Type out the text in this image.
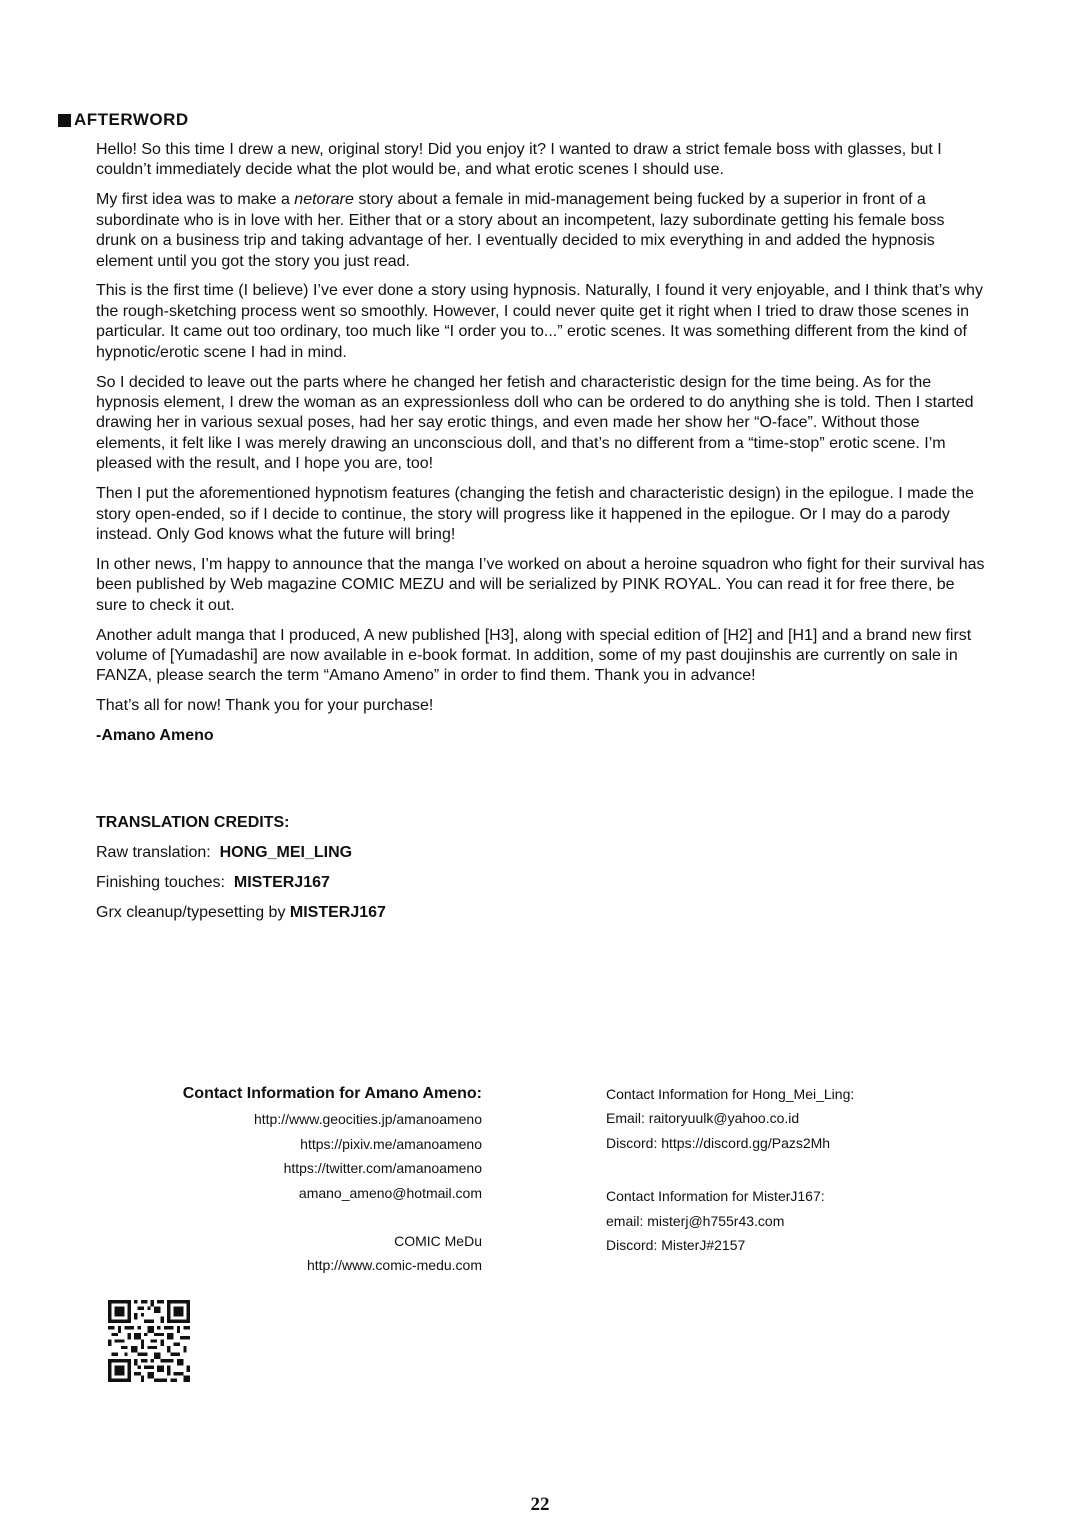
AFTERWORD

Hello! So this time I drew a new, original story! Did you enjoy it? I wanted to draw a strict female boss with glasses, but I couldn’t immediately decide what the plot would be, and what erotic scenes I should use.

My first idea was to make a netorare story about a female in mid-management being fucked by a superior in front of a subordinate who is in love with her. Either that or a story about an incompetent, lazy subordinate getting his female boss drunk on a business trip and taking advantage of her. I eventually decided to mix everything in and added the hypnosis element until you got the story you just read.

This is the first time (I believe) I’ve ever done a story using hypnosis. Naturally, I found it very enjoyable, and I think that’s why the rough-sketching process went so smoothly. However, I could never quite get it right when I tried to draw those scenes in particular. It came out too ordinary, too much like “I order you to...” erotic scenes. It was something different from the kind of hypnotic/erotic scene I had in mind.

So I decided to leave out the parts where he changed her fetish and characteristic design for the time being. As for the hypnosis element, I drew the woman as an expressionless doll who can be ordered to do anything she is told. Then I started drawing her in various sexual poses, had her say erotic things, and even made her show her “O-face”. Without those elements, it felt like I was merely drawing an unconscious doll, and that’s no different from a “time-stop” erotic scene. I’m pleased with the result, and I hope you are, too!

Then I put the aforementioned hypnotism features (changing the fetish and characteristic design) in the epilogue. I made the story open-ended, so if I decide to continue, the story will progress like it happened in the epilogue. Or I may do a parody instead. Only God knows what the future will bring!

In other news, I’m happy to announce that the manga I’ve worked on about a heroine squadron who fight for their survival has been published by Web magazine COMIC MEZU and will be serialized by PINK ROYAL. You can read it for free there, be sure to check it out.

Another adult manga that I produced, A new published [H3], along with special edition of [H2] and [H1] and a brand new first volume of [Yumadashi] are now available in e-book format. In addition, some of my past doujinshis are currently on sale in FANZA, please search the term “Amano Ameno” in order to find them. Thank you in advance!

That’s all for now! Thank you for your purchase!

-Amano Ameno

TRANSLATION CREDITS:
Raw translation: HONG_MEI_LING
Finishing touches: MISTERJ167
Grx cleanup/typesetting by MISTERJ167
Contact Information for Amano Ameno:
http://www.geocities.jp/amanoameno
https://pixiv.me/amanoameno
https://twitter.com/amanoameno
amano_ameno@hotmail.com
COMIC MeDu
http://www.comic-medu.com
Contact Information for Hong_Mei_Ling:
Email: raitoryuulk@yahoo.co.id
Discord: https://discord.gg/Pazs2Mh
Contact Information for MisterJ167:
email: misterj@h755r43.com
Discord: MisterJ#2157
22
